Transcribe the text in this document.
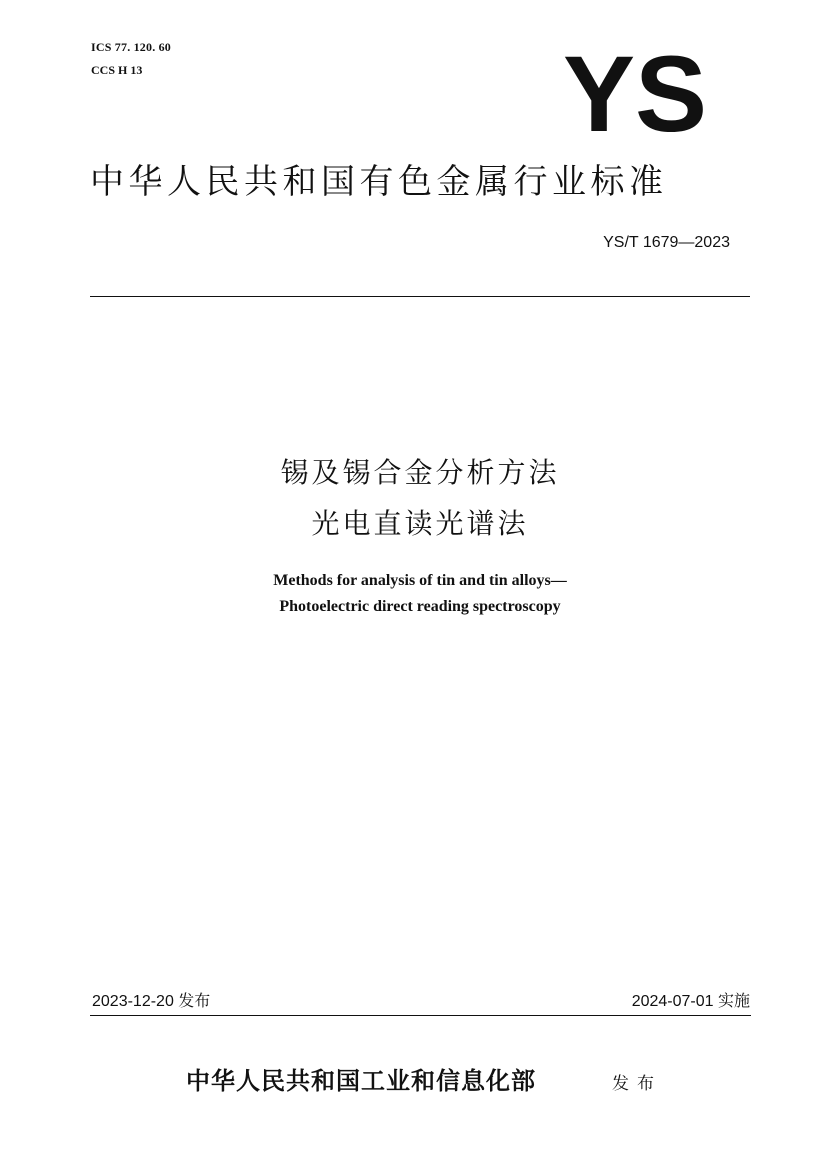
ICS 77. 120. 60
CCS H 13	YS
中华人民共和国有色金属行业标准
YS/T 1679—2023
锡及锡合金分析方法
光电直读光谱法
Methods for analysis of tin and tin alloys—
Photoelectric direct reading spectroscopy
2023-12-20 发布	2024-07-01 实施
中华人民共和国工业和信息化部	发布
